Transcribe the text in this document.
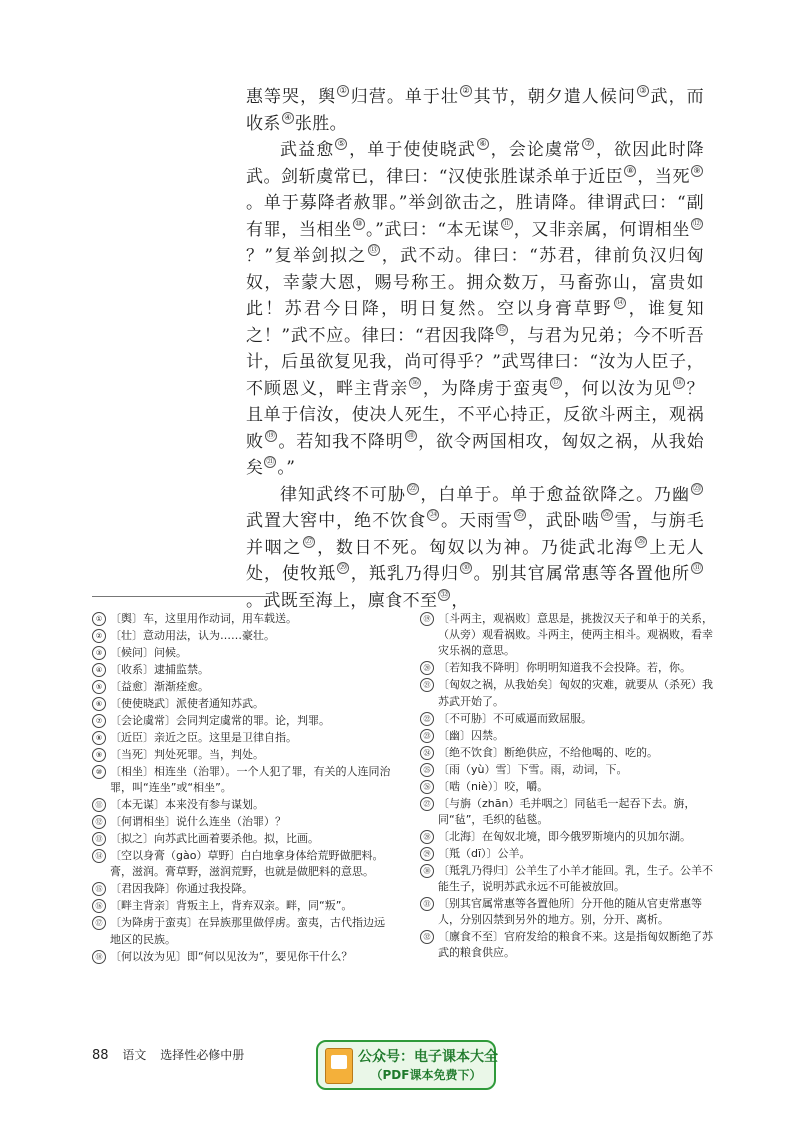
惠等哭，舆 ① 归营。单于壮 ② 其节，朝夕遣人候问 ③ 武，而收系 ④ 张胜。

武益愈 ⑤ ，单于使使晓武 ⑥ ，会论虞常 ⑦ ，欲因此时降武。剑斩虞常已，律曰：“汉使张胜谋杀单于近臣 ⑧ ，当死 ⑨。单于募降者赦罪。”举剑欲击之，胜请降。律谓武曰：“副有罪，当相坐 ⑩ 。”武曰：“本无谋 ⑪ ，又非亲属，何谓相坐 ⑫？”复举剑拟之 ⑬ ，武不动。律曰：“苏君，律前负汉归匈奴，幸蒙大恩，赐号称王。拥众数万，马畜弥山，富贵如此！苏君今日降，明日复然。空以身膏草野 ⑭ ，谁复知之！”武不应。律曰：“君因我降 ⑮ ，与君为兄弟；今不听吾计，后虽欲复见我，尚可得乎？”武骂律曰：“汝为人臣子，不顾恩义，畔主背亲 ⑯ ，为降虏于蛮夷 ⑰ ，何以汝为见 ⑱ ？且单于信汝，使决人死生，不平心持正，反欲斗两主，观祸败 ⑲ 。若知我不降明 ⑳ ，欲令两国相攻，匈奴之祸，从我始矣 $^㉑$ 。”

律知武终不可胁 $^㉒$ ，白单于。单于愈益欲降之。乃幽 $^㉓$武置大窖中，绝不饮食 $^㉔$ 。天雨雪 $^㉕$ ，武卧啮 $^㉖$ 雪，与旃毛并咽之 $^㉗$ ，数日不死。匈奴以为神。乃徙武北海 $^㉘$ 上无人处，使牧羝 $^㉙$ ，羝乳乃得归 $^㉚$ 。别其官属常惠等各置他所 $^㉛$。武既至海上，廪食不至 $^㉜$ ，

① 〔舆〕车，这里用作动词，用车载送。
② 〔壮〕意动用法，认为……豪壮。
③ 〔候问〕问候。
④ 〔收系〕逮捕监禁。
⑤ 〔益愈〕渐渐痊愈。
⑥ 〔使使晓武〕派使者通知苏武。
⑦ 〔会论虞常〕会同判定虞常的罪。论，判罪。
⑧ 〔近臣〕亲近之臣。这里是卫律自指。
⑨ 〔当死〕判处死罪。当，判处。
⑩ 〔相坐〕相连坐（治罪）。一个人犯了罪，有关的人连同治罪，叫“连坐”或“相坐”。
⑪ 〔本无谋〕本来没有参与谋划。
⑫ 〔何谓相坐〕说什么连坐（治罪）？
⑬ 〔拟之〕向苏武比画着要杀他。拟，比画。
⑭ 〔空以身膏（gào）草野〕白白地拿身体给荒野做肥料。膏，滋润。膏草野，滋润荒野，也就是做肥料的意思。
⑮ 〔君因我降〕你通过我投降。
⑯ 〔畔主背亲〕背叛主上，背弃双亲。畔，同“叛”。
⑰ 〔为降虏于蛮夷〕在异族那里做俘虏。蛮夷，古代指边远地区的民族。
⑱ 〔何以汝为见〕即“何以见汝为”，要见你干什么？
⑲ 〔斗两主，观祸败〕意思是，挑拨汉天子和单于的关系，（从旁）观看祸败。斗两主，使两主相斗。观祸败，看幸灾乐祸的意思。
⑳ 〔若知我不降明〕你明明知道我不会投降。若，你。
㉑ 〔匈奴之祸，从我始矣〕匈奴的灾难，就要从（杀死）我苏武开始了。
㉒ 〔不可胁〕不可威逼而致屈服。
㉓ 〔幽〕囚禁。
㉔ 〔绝不饮食〕断绝供应，不给他喝的、吃的。
㉕ 〔雨（yù）雪〕下雪。雨，动词，下。
㉖ 〔啮（niè）〕咬，嚼。
㉗ 〔与旃（zhān）毛并咽之〕同毡毛一起吞下去。旃，同“毡”，毛织的毡毯。
㉘ 〔北海〕在匈奴北境，即今俄罗斯境内的贝加尔湖。
㉙ 〔羝（dī）〕公羊。
㉚ 〔羝乳乃得归〕公羊生了小羊才能回。乳，生子。公羊不能生子，说明苏武永远不可能被放回。
㉛ 〔别其官属常惠等各置他所〕分开他的随从官吏常惠等人，分别囚禁到另外的地方。别，分开、离析。
㉜ 〔廪食不至〕官府发给的粮食不来。这是指匈奴断绝了苏武的粮食供应。
88 语文 选择性必修中册	公众号：电子课本大全
（PDF课本免费下）
